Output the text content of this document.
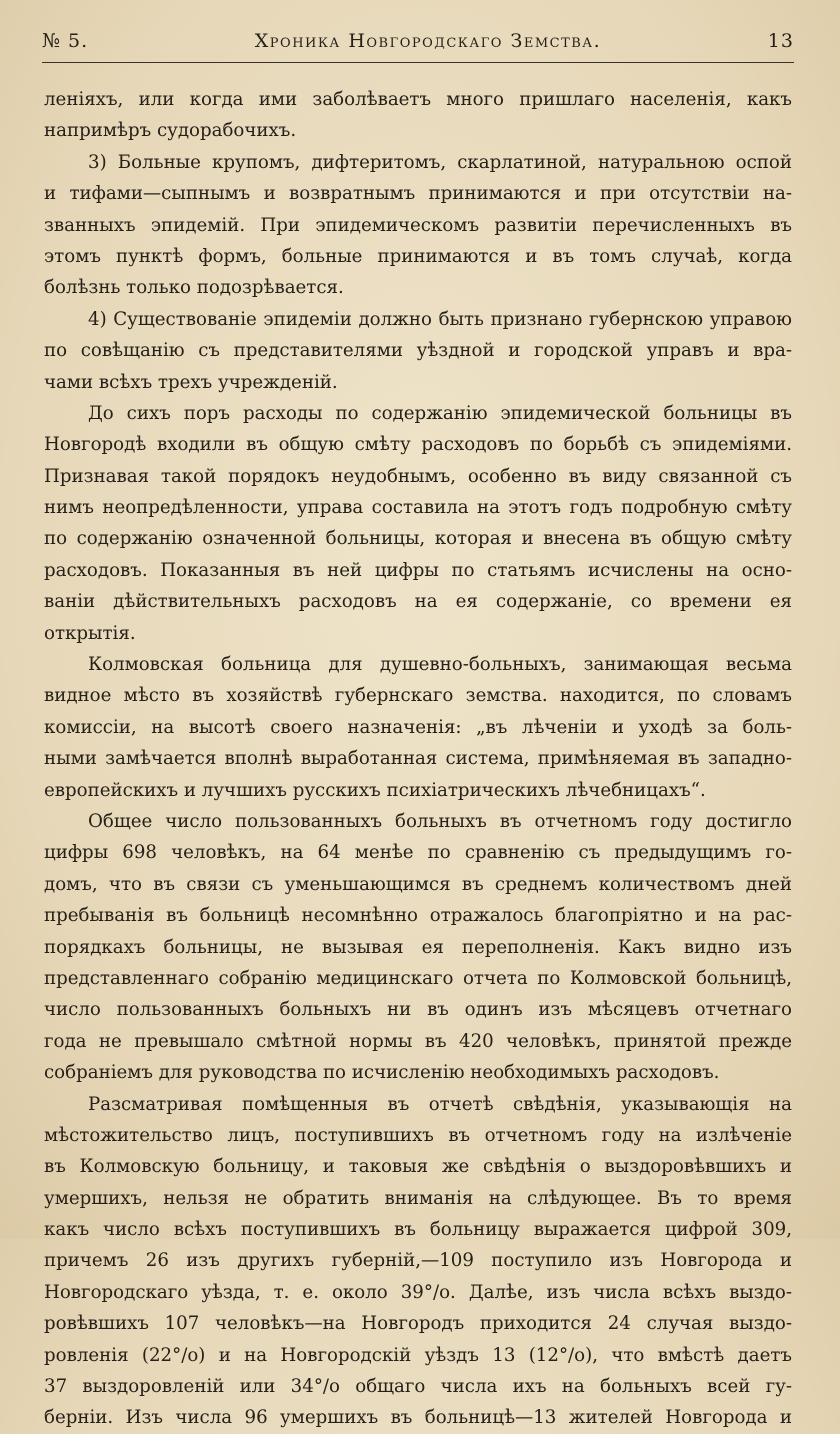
№ 5.	Хроника Новгородскаго Земства.	13
леніяхъ, или когда ими заболѣваетъ много пришлаго населенія, какъ
напримѣръ судорабочихъ.
3) Больные крупомъ, дифтеритомъ, скарлатиной, натуральною оспой
и тифами—сыпнымъ и возвратнымъ принимаются и при отсутствіи на-
званныхъ эпидемій. При эпидемическомъ развитіи перечисленныхъ въ
этомъ пунктѣ формъ, больные принимаются и въ томъ случаѣ, когда
болѣзнь только подозрѣвается.
4) Существованіе эпидеміи должно быть признано губернскою управою
по совѣщанію съ представителями уѣздной и городской управъ и вра-
чами всѣхъ трехъ учрежденій.
До сихъ поръ расходы по содержанію эпидемической больницы въ
Новгородѣ входили въ общую смѣту расходовъ по борьбѣ съ эпидеміями.
Признавая такой порядокъ неудобнымъ, особенно въ виду связанной съ
нимъ неопредѣленности, управа составила на этотъ годъ подробную смѣту
по содержанію означенной больницы, которая и внесена въ общую смѣту
расходовъ. Показанныя въ ней цифры по статьямъ исчислены на осно-
ваніи дѣйствительныхъ расходовъ на ея содержаніе, со времени ея
открытія.
Колмовская больница для душевно-больныхъ, занимающая весьма
видное мѣсто въ хозяйствѣ губернскаго земства. находится, по словамъ
комиссіи, на высотѣ своего назначенія: „въ лѣченіи и уходѣ за боль-
ными замѣчается вполнѣ выработанная система, примѣняемая въ западно-
европейскихъ и лучшихъ русскихъ психіатрическихъ лѣчебницахъ“.
Общее число пользованныхъ больныхъ въ отчетномъ году достигло
цифры 698 человѣкъ, на 64 менѣе по сравненію съ предыдущимъ го-
домъ, что въ связи съ уменьшающимся въ среднемъ количествомъ дней
пребыванія въ больницѣ несомнѣнно отражалось благопріятно и на рас-
порядкахъ больницы, не вызывая ея переполненія. Какъ видно изъ
представленнаго собранію медицинскаго отчета по Колмовской больницѣ,
число пользованныхъ больныхъ ни въ одинъ изъ мѣсяцевъ отчетнаго
года не превышало смѣтной нормы въ 420 человѣкъ, принятой прежде
собраніемъ для руководства по исчисленію необходимыхъ расходовъ.
Разсматривая помѣщенныя въ отчетѣ свѣдѣнія, указывающія на
мѣстожительство лицъ, поступившихъ въ отчетномъ году на излѣченіе
въ Колмовскую больницу, и таковыя же свѣдѣнія о выздоровѣвшихъ и
умершихъ, нельзя не обратить вниманія на слѣдующее. Въ то время
какъ число всѣхъ поступившихъ въ больницу выражается цифрой 309,
причемъ 26 изъ другихъ губерній,—109 поступило изъ Новгорода и
Новгородскаго уѣзда, т. е. около 39°/о. Далѣе, изъ числа всѣхъ выздо-
ровѣвшихъ 107 человѣкъ—на Новгородъ приходится 24 случая выздо-
ровленія (22°/о) и на Новгородскій уѣздъ 13 (12°/о), что вмѣстѣ даетъ
37 выздоровленій или 34°/о общаго числа ихъ на больныхъ всей гу-
берніи. Изъ числа 96 умершихъ въ больницѣ—13 жителей Новгорода и
